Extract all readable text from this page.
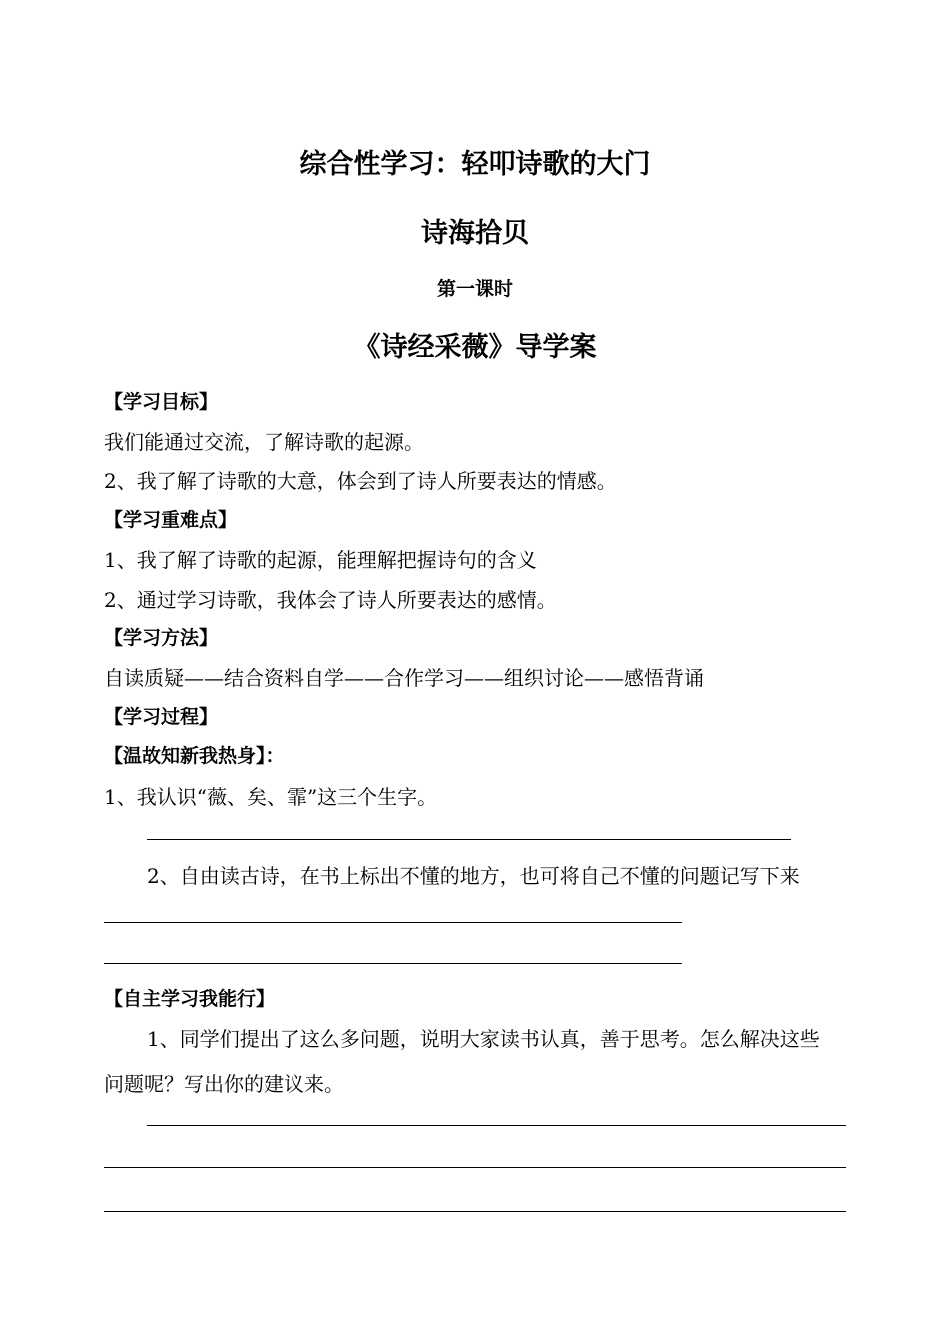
综合性学习：轻叩诗歌的大门
诗海拾贝
第一课时
《诗经采薇》导学案
【学习目标】
我们能通过交流，了解诗歌的起源。
2、我了解了诗歌的大意，体会到了诗人所要表达的情感。
【学习重难点】
1、我了解了诗歌的起源，能理解把握诗句的含义
2、通过学习诗歌，我体会了诗人所要表达的感情。
【学习方法】
自读质疑——结合资料自学——合作学习——组织讨论——感悟背诵
【学习过程】
【温故知新我热身】：
1、我认识“薇、矣、霏”这三个生字。
2、自由读古诗，在书上标出不懂的地方，也可将自己不懂的问题记写下来
【自主学习我能行】
1、同学们提出了这么多问题，说明大家读书认真，善于思考。怎么解决这些
问题呢？写出你的建议来。
